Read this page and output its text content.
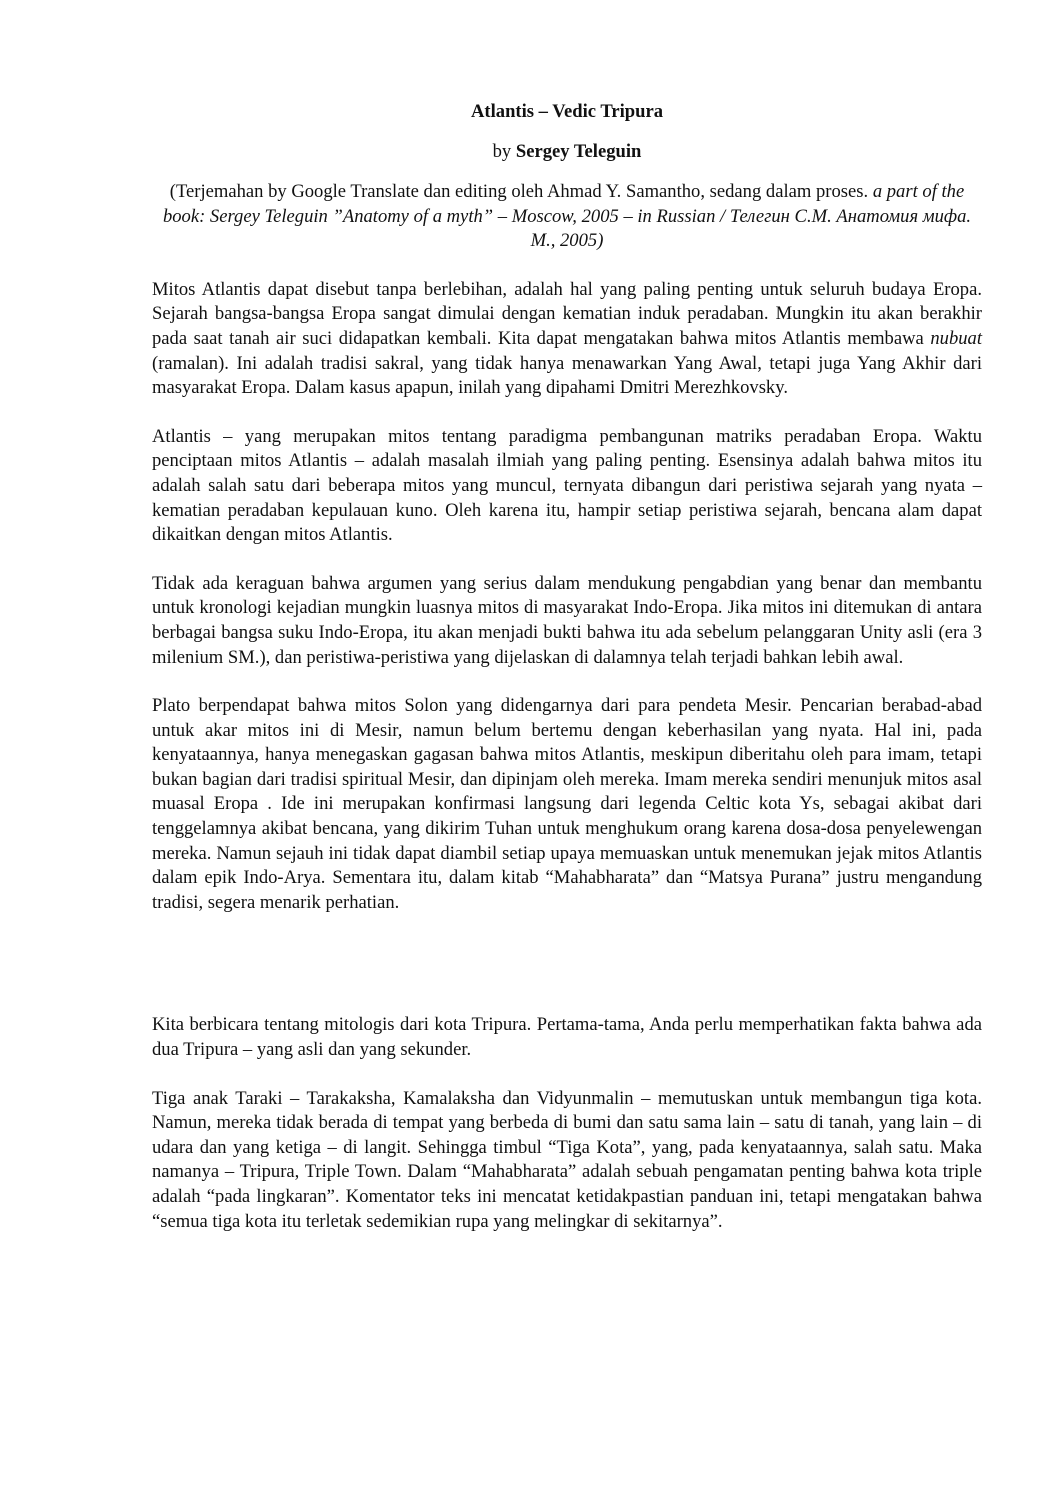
Atlantis – Vedic Tripura
by Sergey Teleguin
(Terjemahan by Google Translate dan editing oleh Ahmad Y. Samantho, sedang dalam proses. a part of the book: Sergey Teleguin ”Anatomy of a myth” – Moscow, 2005 – in Russian / Телегин С.М. Анатомия мифа. М., 2005)

Mitos Atlantis dapat disebut tanpa berlebihan, adalah hal yang paling penting untuk seluruh budaya Eropa. Sejarah bangsa-bangsa Eropa sangat dimulai dengan kematian induk peradaban. Mungkin itu akan berakhir pada saat tanah air suci didapatkan kembali. Kita dapat mengatakan bahwa mitos Atlantis membawa nubuat (ramalan). Ini adalah tradisi sakral, yang tidak hanya menawarkan Yang Awal, tetapi juga Yang Akhir dari masyarakat Eropa. Dalam kasus apapun, inilah yang dipahami Dmitri Merezhkovsky.

Atlantis – yang merupakan mitos tentang paradigma pembangunan matriks peradaban Eropa. Waktu penciptaan mitos Atlantis – adalah masalah ilmiah yang paling penting. Esensinya adalah bahwa mitos itu adalah salah satu dari beberapa mitos yang muncul, ternyata dibangun dari peristiwa sejarah yang nyata – kematian peradaban kepulauan kuno. Oleh karena itu, hampir setiap peristiwa sejarah, bencana alam dapat dikaitkan dengan mitos Atlantis.

Tidak ada keraguan bahwa argumen yang serius dalam mendukung pengabdian yang benar dan membantu untuk kronologi kejadian mungkin luasnya mitos di masyarakat Indo-Eropa. Jika mitos ini ditemukan di antara berbagai bangsa suku Indo-Eropa, itu akan menjadi bukti bahwa itu ada sebelum pelanggaran Unity asli (era 3 milenium SM.), dan peristiwa-peristiwa yang dijelaskan di dalamnya telah terjadi bahkan lebih awal.

Plato berpendapat bahwa mitos Solon yang didengarnya dari para pendeta Mesir. Pencarian berabad-abad untuk akar mitos ini di Mesir, namun belum bertemu dengan keberhasilan yang nyata. Hal ini, pada kenyataannya, hanya menegaskan gagasan bahwa mitos Atlantis, meskipun diberitahu oleh para imam, tetapi bukan bagian dari tradisi spiritual Mesir, dan dipinjam oleh mereka. Imam mereka sendiri menunjuk mitos asal muasal Eropa . Ide ini merupakan konfirmasi langsung dari legenda Celtic kota Ys, sebagai akibat dari tenggelamnya akibat bencana, yang dikirim Tuhan untuk menghukum orang karena dosa-dosa penyelewengan mereka. Namun sejauh ini tidak dapat diambil setiap upaya memuaskan untuk menemukan jejak mitos Atlantis dalam epik Indo-Arya. Sementara itu, dalam kitab “Mahabharata” dan “Matsya Purana” justru mengandung tradisi, segera menarik perhatian.

Kita berbicara tentang mitologis dari kota Tripura. Pertama-tama, Anda perlu memperhatikan fakta bahwa ada dua Tripura – yang asli dan yang sekunder.

Tiga anak Taraki – Tarakaksha, Kamalaksha dan Vidyunmalin – memutuskan untuk membangun tiga kota. Namun, mereka tidak berada di tempat yang berbeda di bumi dan satu sama lain – satu di tanah, yang lain – di udara dan yang ketiga – di langit. Sehingga timbul “Tiga Kota”, yang, pada kenyataannya, salah satu. Maka namanya – Tripura, Triple Town. Dalam “Mahabharata” adalah sebuah pengamatan penting bahwa kota triple adalah “pada lingkaran”. Komentator teks ini mencatat ketidakpastian panduan ini, tetapi mengatakan bahwa “semua tiga kota itu terletak sedemikian rupa yang melingkar di sekitarnya”.
